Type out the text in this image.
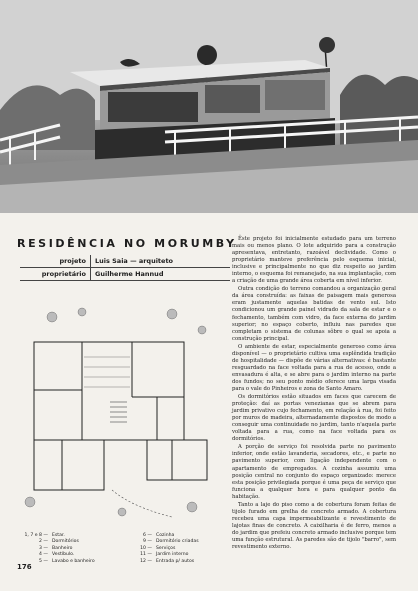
RESIDÊNCIA NO MORUMBY
projeto	Luis Saia — arquiteto
proprietário	Guilherme Hannud
1, 7 e 8 — Estar.	6 — Cozinha
2 — Dormitórios	9 — Dormitório criadas
3 — Banheiro	10 — Serviços
4 — Vestíbulo.	11 — Jardim interno
5 — Lavabo e banheiro	12 — Entrada p/ autos
176

Êste projeto foi inicialmente estudado para um terreno mais ou menos plano. O lote adquirido para a construção apresentava, entretanto, razoável declividade. Como o proprietário manteve preferência pelo esquema inicial, inclusive e principalmente no que diz respeito ao jardim interno, o esquema foi remanejado, na sua implantação, com a criação de uma grande área coberta em nível inferior.

Outra condição do terreno comandou a organização geral da área construída: as faixas de paisagem mais generosa eram justamente aquelas batidas de vento sul. Isto condicionou um grande painel vidrado da sala de estar e o fechamento, também com vidro, da face externa do jardim superior; no espaço coberto, influiu nas paredes que completam o sistema de colunas sôbre o qual se apoia a construção principal.

O ambiente de estar, especialmente generoso como área disponível — o proprietário cultiva uma esplêndida tradição de hospitalidade — dispõe de várias alternativas: é bastante resguardado na face voltada para a rua de acesso, onde a envasadura é alta, e se abre para o jardim interno na parte dos fundos; no seu ponto médio oferece uma larga visada para o vale do Pinheiros e zona de Santo Amaro.

Os dormitórios estão situados em faces que carecem de proteção: daí as portas venezianas que se abrem para jardim privativo cujo fechamento, em relação à rua, foi feito por muros de madeira, alternadamente dispostos de modo a conseguir uma continuidade no jardim, tanto n'aquela parte voltada para a rua, como na face voltada para os dormitórios.

A porção de serviço foi resolvida parte no pavimento inferior, onde estão lavanderia, secadores, etc., e parte no pavimento superior, com ligação independente com o apartamento de empregados. A cozinha assumiu uma posição central no conjunto do espaço organizado: merece esta posição privilegiada porque é uma peça de serviço que funciona a qualquer hora e para qualquer ponto da habitação.

Tanto a laje do piso como a de cobertura foram feitas de tijolo furado em grelha de concreto armado. A cobertura recebeu uma capa impermeabilizante e revestimento de lajotas finas de concreto. A caixilharia é de ferro, menos a do jardim que prefeiu concreto armado inclusive porque tem uma função estrutural. As paredes são de tijolo "barro", sem revestimento externo.
